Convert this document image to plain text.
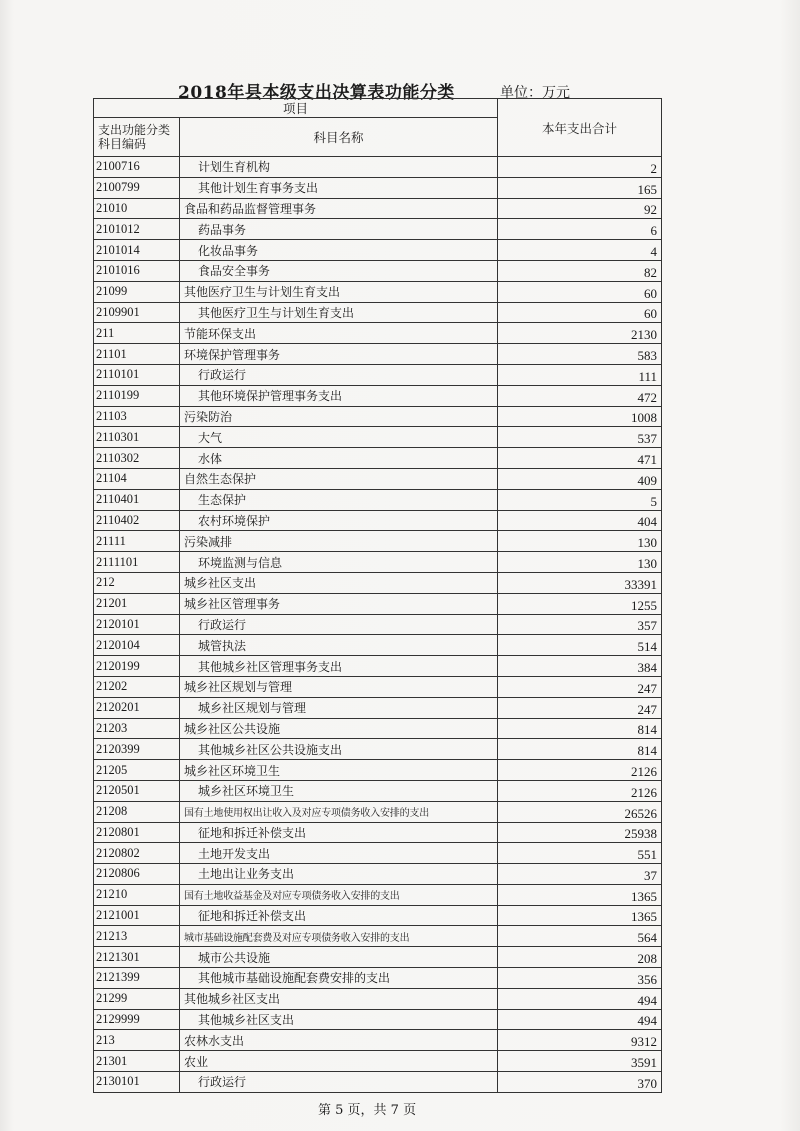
2018年县本级支出决算表功能分类	单位：万元
项目		本年支出合计
支出功能分类科目编码	科目名称	
2100716	计划生育机构	2
2100799	其他计划生育事务支出	165
21010	食品和药品监督管理事务	92
2101012	药品事务	6
2101014	化妆品事务	4
2101016	食品安全事务	82
21099	其他医疗卫生与计划生育支出	60
2109901	其他医疗卫生与计划生育支出	60
211	节能环保支出	2130
21101	环境保护管理事务	583
2110101	行政运行	111
2110199	其他环境保护管理事务支出	472
21103	污染防治	1008
2110301	大气	537
2110302	水体	471
21104	自然生态保护	409
2110401	生态保护	5
2110402	农村环境保护	404
21111	污染减排	130
2111101	环境监测与信息	130
212	城乡社区支出	33391
21201	城乡社区管理事务	1255
2120101	行政运行	357
2120104	城管执法	514
2120199	其他城乡社区管理事务支出	384
21202	城乡社区规划与管理	247
2120201	城乡社区规划与管理	247
21203	城乡社区公共设施	814
2120399	其他城乡社区公共设施支出	814
21205	城乡社区环境卫生	2126
2120501	城乡社区环境卫生	2126
21208	国有土地使用权出让收入及对应专项债务收入安排的支出	26526
2120801	征地和拆迁补偿支出	25938
2120802	土地开发支出	551
2120806	土地出让业务支出	37
21210	国有土地收益基金及对应专项债务收入安排的支出	1365
2121001	征地和拆迁补偿支出	1365
21213	城市基础设施配套费及对应专项债务收入安排的支出	564
2121301	城市公共设施	208
2121399	其他城市基础设施配套费安排的支出	356
21299	其他城乡社区支出	494
2129999	其他城乡社区支出	494
213	农林水支出	9312
21301	农业	3591
2130101	行政运行	370
第 5 页，共 7 页
